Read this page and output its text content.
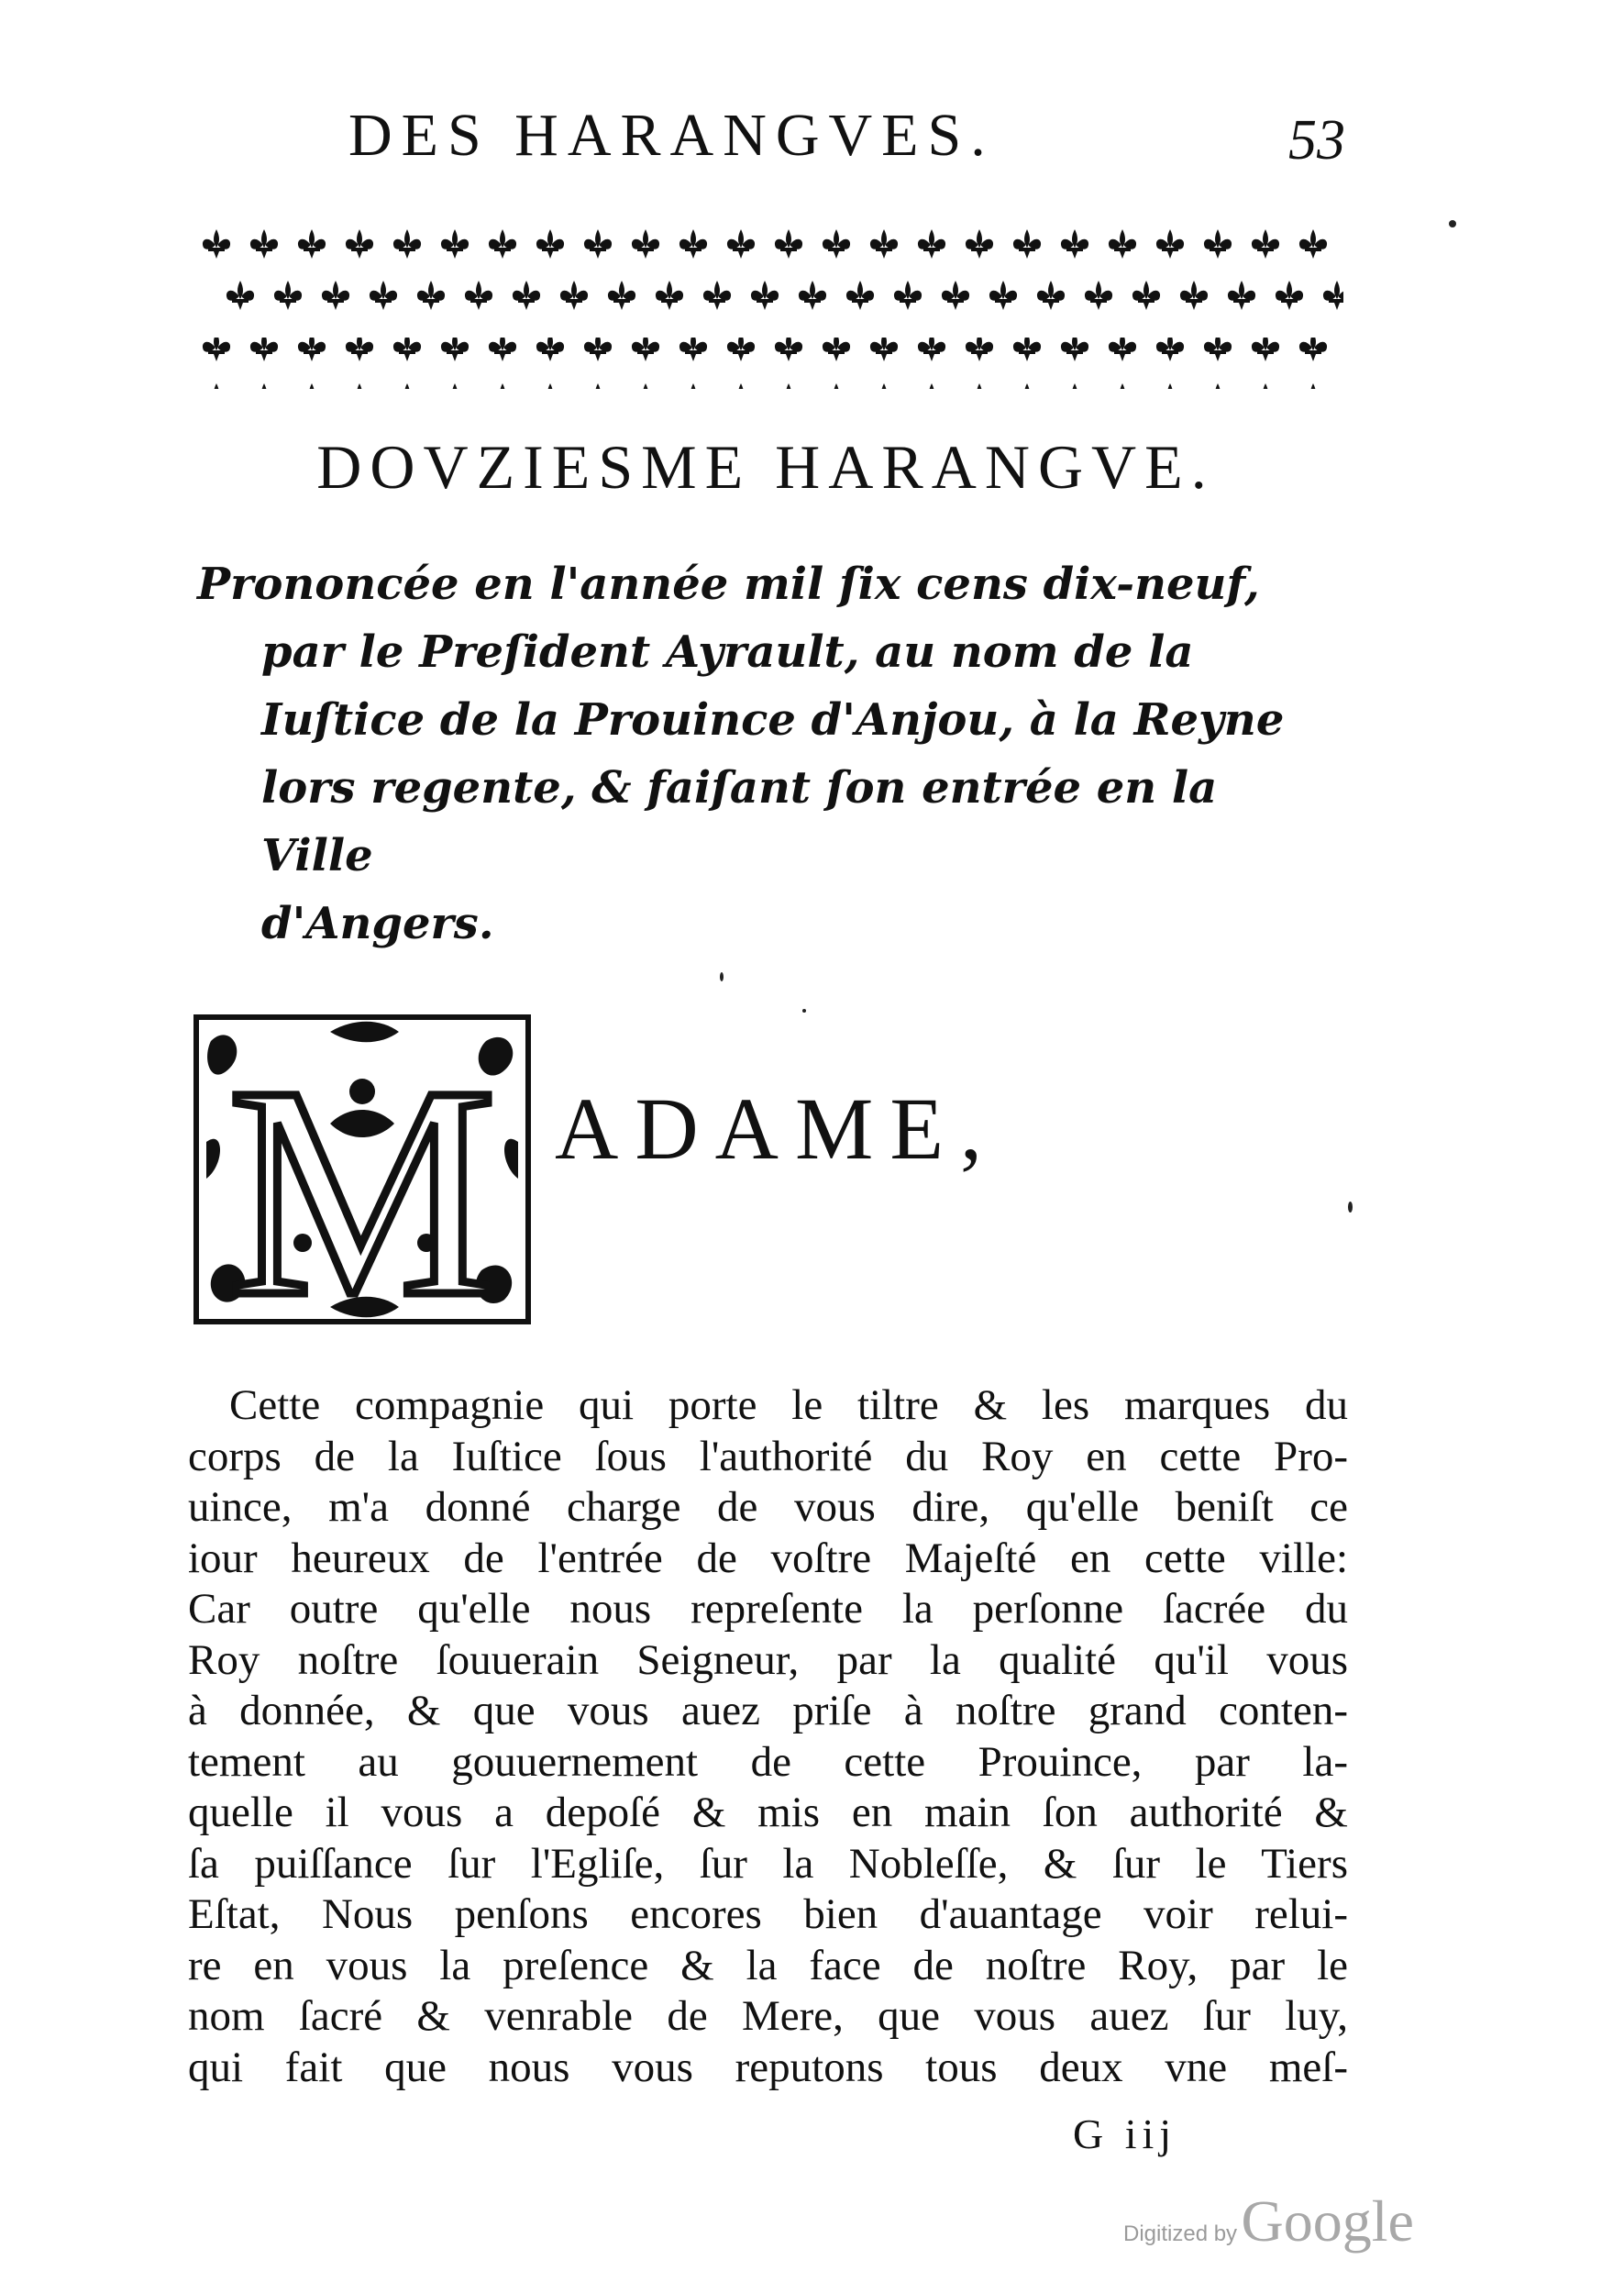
DES HARANGVES.	53
DOVZIESME HARANGVE.
Prononcée en l'année mil ſix cens dix-neuf,
par le Preſident Ayrault, au nom de la
Iuſtice de la Prouince d'Anjou, à la Reyne
lors regente, & faiſant ſon entrée en la Ville
d'Angers.
M ADAME,
Cette compagnie qui porte le tiltre & les marques du
corps de la Iuſtice ſous l'authorité du Roy en cette Pro-
uince, m'a donné charge de vous dire, qu'elle beniſt ce
iour heureux de l'entrée de voſtre Majeſté en cette ville:
Car outre qu'elle nous repreſente la perſonne ſacrée du
Roy noſtre ſouuerain Seigneur, par la qualité qu'il vous
à donnée, & que vous auez priſe à noſtre grand conten-
tement au gouuernement de cette Prouince, par la-
quelle il vous a depoſé & mis en main ſon authorité &
ſa puiſſance ſur l'Egliſe, ſur la Nobleſſe, & ſur le Tiers
Eſtat, Nous penſons encores bien d'auantage voir relui-
re en vous la preſence & la face de noſtre Roy, par le
nom ſacré & venrable de Mere, que vous auez ſur luy,
qui fait que nous vous reputons tous deux vne meſ-
G iij
Digitized by Google
